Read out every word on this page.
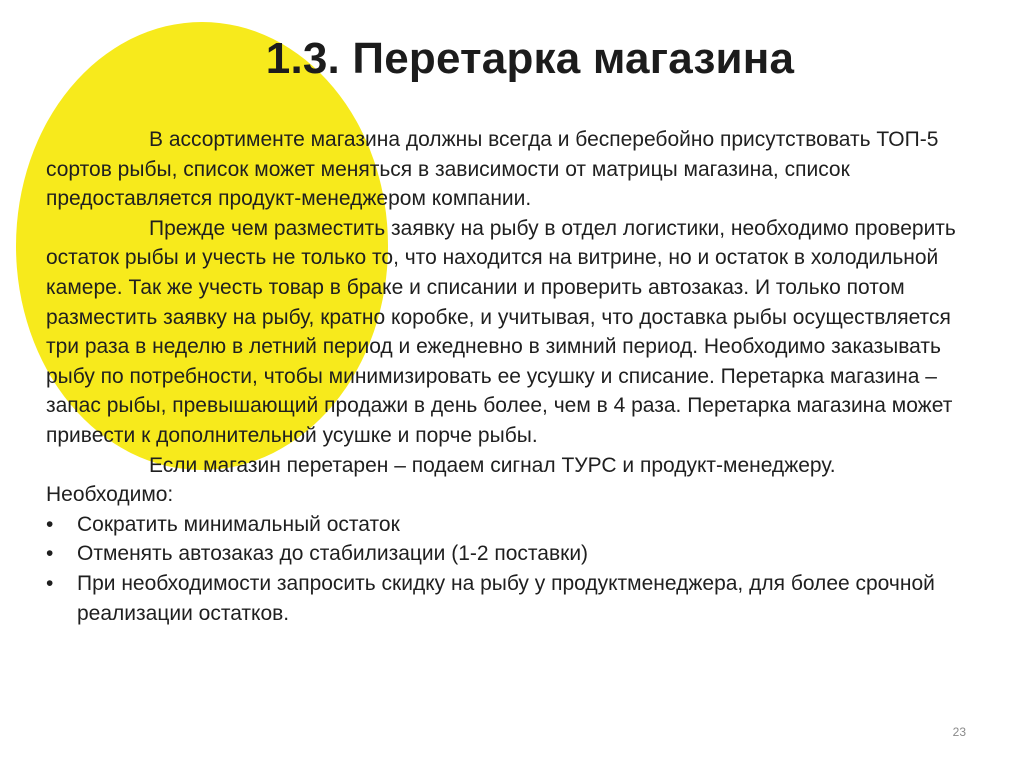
1.3. Перетарка магазина

В ассортименте магазина должны всегда и бесперебойно присутствовать ТОП-5 сортов рыбы, список может меняться в зависимости от матрицы магазина, список предоставляется продукт-менеджером компании.

Прежде чем разместить заявку на рыбу в отдел логистики, необходимо проверить остаток рыбы и учесть не только то, что находится на витрине, но и остаток в холодильной камере. Так же учесть товар в браке и списании и проверить автозаказ. И только потом разместить заявку на рыбу, кратно коробке, и учитывая, что доставка рыбы осуществляется три раза в неделю в летний период и ежедневно в зимний период. Необходимо заказывать рыбу по потребности, чтобы минимизировать ее усушку и списание. Перетарка магазина – запас рыбы, превышающий продажи в день более, чем в 4 раза. Перетарка магазина может привести к дополнительной усушке и порче рыбы.

Если магазин перетарен – подаем сигнал ТУРС и продукт-менеджеру.

Необходимо:

• Сократить минимальный остаток
• Отменять автозаказ до стабилизации (1-2 поставки)
• При необходимости запросить скидку на рыбу у продуктменеджера, для более срочной реализации остатков.
23
